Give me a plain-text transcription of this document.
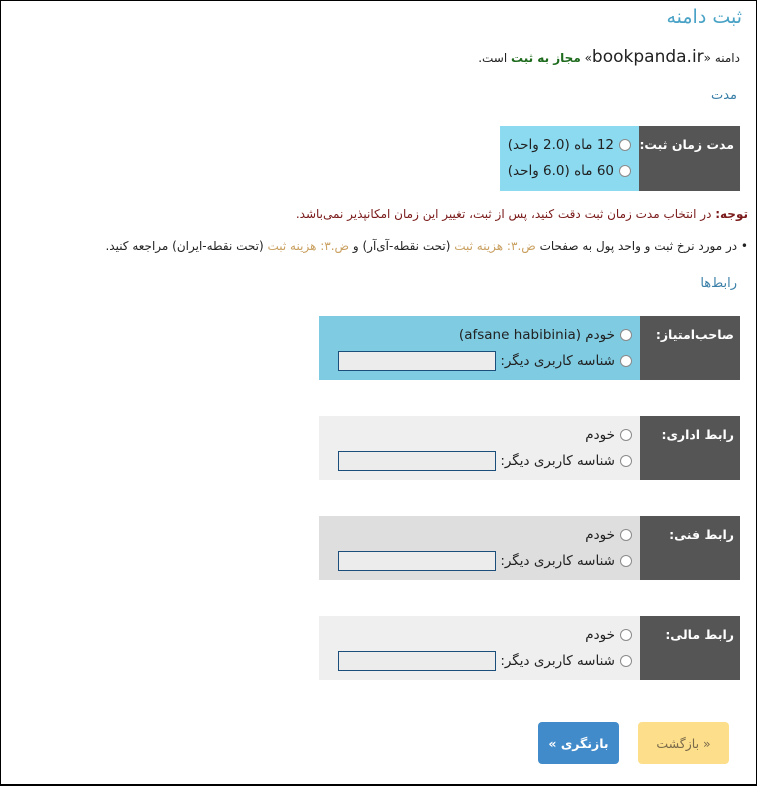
ثبت دامنه
دامنه «bookpanda.ir» مجاز به ثبت است.
مدت
مدت زمان ثبت:
12 ماه (2.0 واحد)
60 ماه (6.0 واحد)
توجه: در انتخاب مدت زمان ثبت دقت کنید، پس از ثبت، تغییر این زمان امکانپذیر نمی‌باشد.
• در مورد نرخ ثبت و واحد پول به صفحات ض.۳: هزینه ثبت (تحت نقطه-آی‌آر) و ض.۳: هزینه ثبت (تحت نقطه-ایران) مراجعه کنید.
رابط‌ها
صاحب‌امتیاز:
خودم (afsane habibinia)
شناسه کاربری دیگر:
رابط اداری:
خودم
شناسه کاربری دیگر:
رابط فنی:
خودم
شناسه کاربری دیگر:
رابط مالی:
خودم
شناسه کاربری دیگر:
« بازگشت
بازنگری »
